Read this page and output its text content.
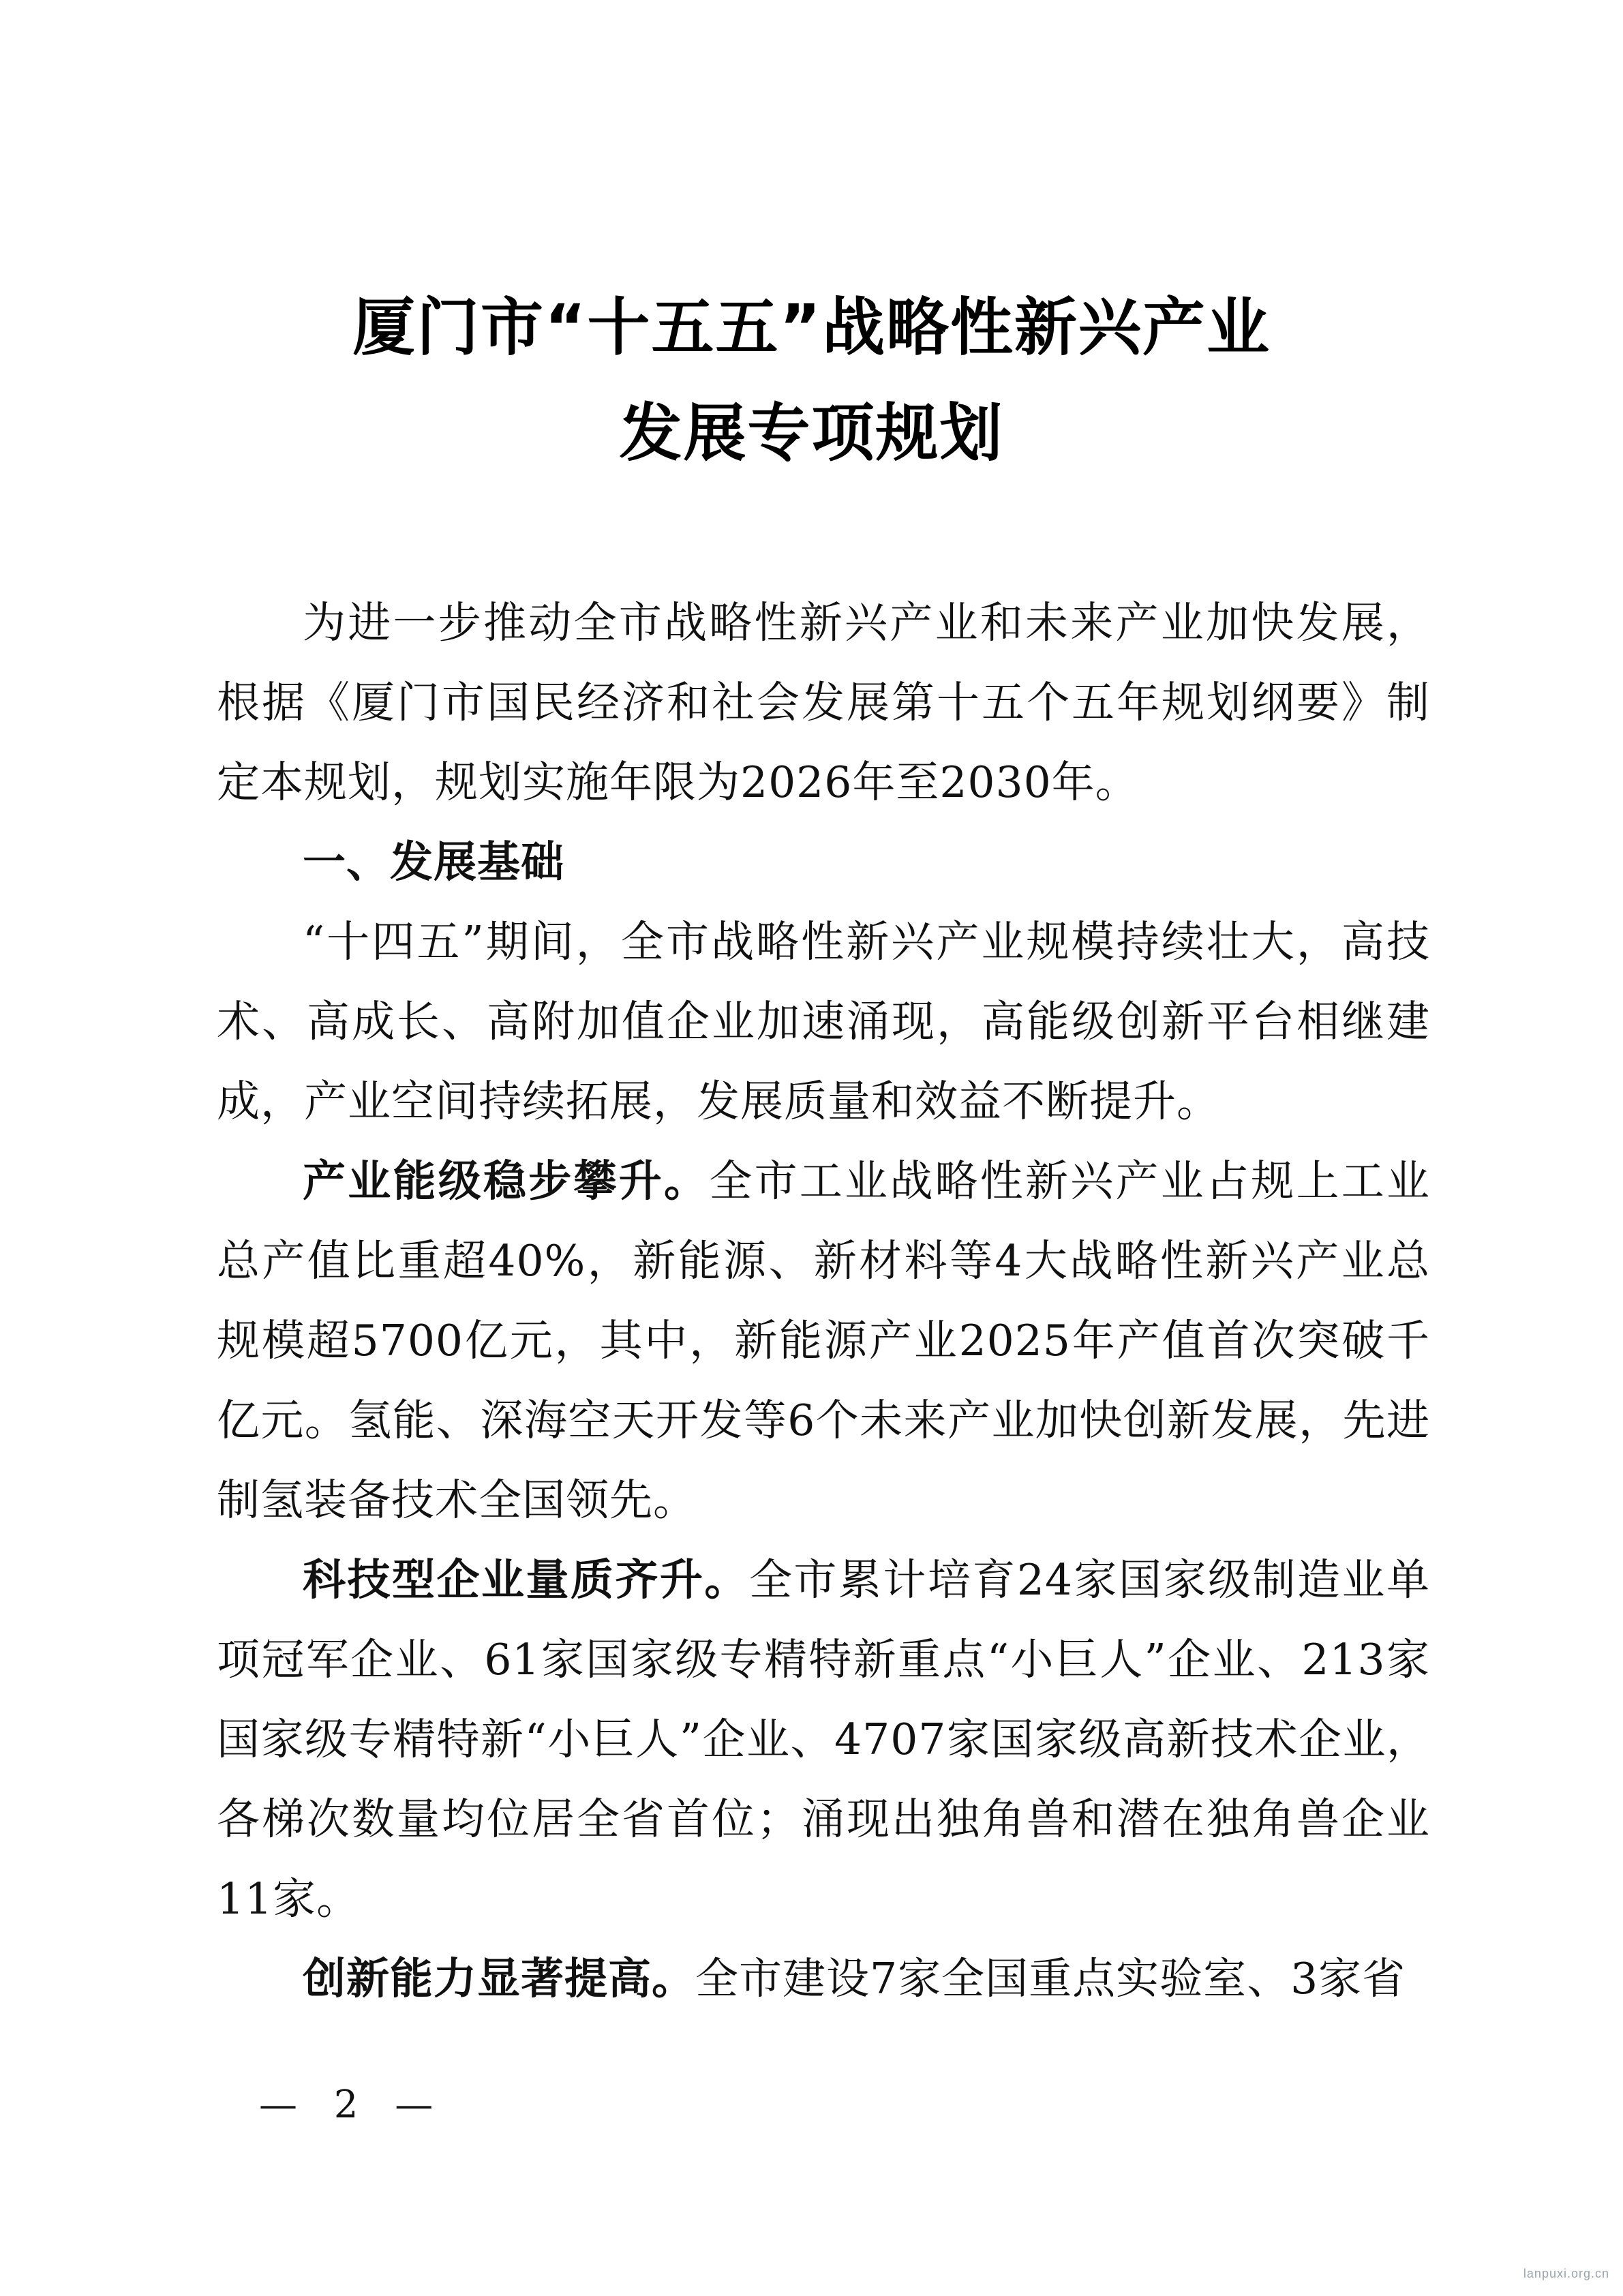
厦门市“十五五”战略性新兴产业
发展专项规划

为进一步推动全市战略性新兴产业和未来产业加快发展，根据《厦门市国民经济和社会发展第十五个五年规划纲要》制定本规划，规划实施年限为2026年至2030年。

一、发展基础

“十四五”期间，全市战略性新兴产业规模持续壮大，高技术、高成长、高附加值企业加速涌现，高能级创新平台相继建成，产业空间持续拓展，发展质量和效益不断提升。

产业能级稳步攀升。全市工业战略性新兴产业占规上工业总产值比重超40%，新能源、新材料等4大战略性新兴产业总规模超5700亿元，其中，新能源产业2025年产值首次突破千亿元。氢能、深海空天开发等6个未来产业加快创新发展，先进制氢装备技术全国领先。

科技型企业量质齐升。全市累计培育24家国家级制造业单项冠军企业、61家国家级专精特新重点“小巨人”企业、213家国家级专精特新“小巨人”企业、4707家国家级高新技术企业，各梯次数量均位居全省首位；涌现出独角兽和潜在独角兽企业11家。

创新能力显著提高。全市建设7家全国重点实验室、3家省

— 2 —
lanpuxi.org.cn
